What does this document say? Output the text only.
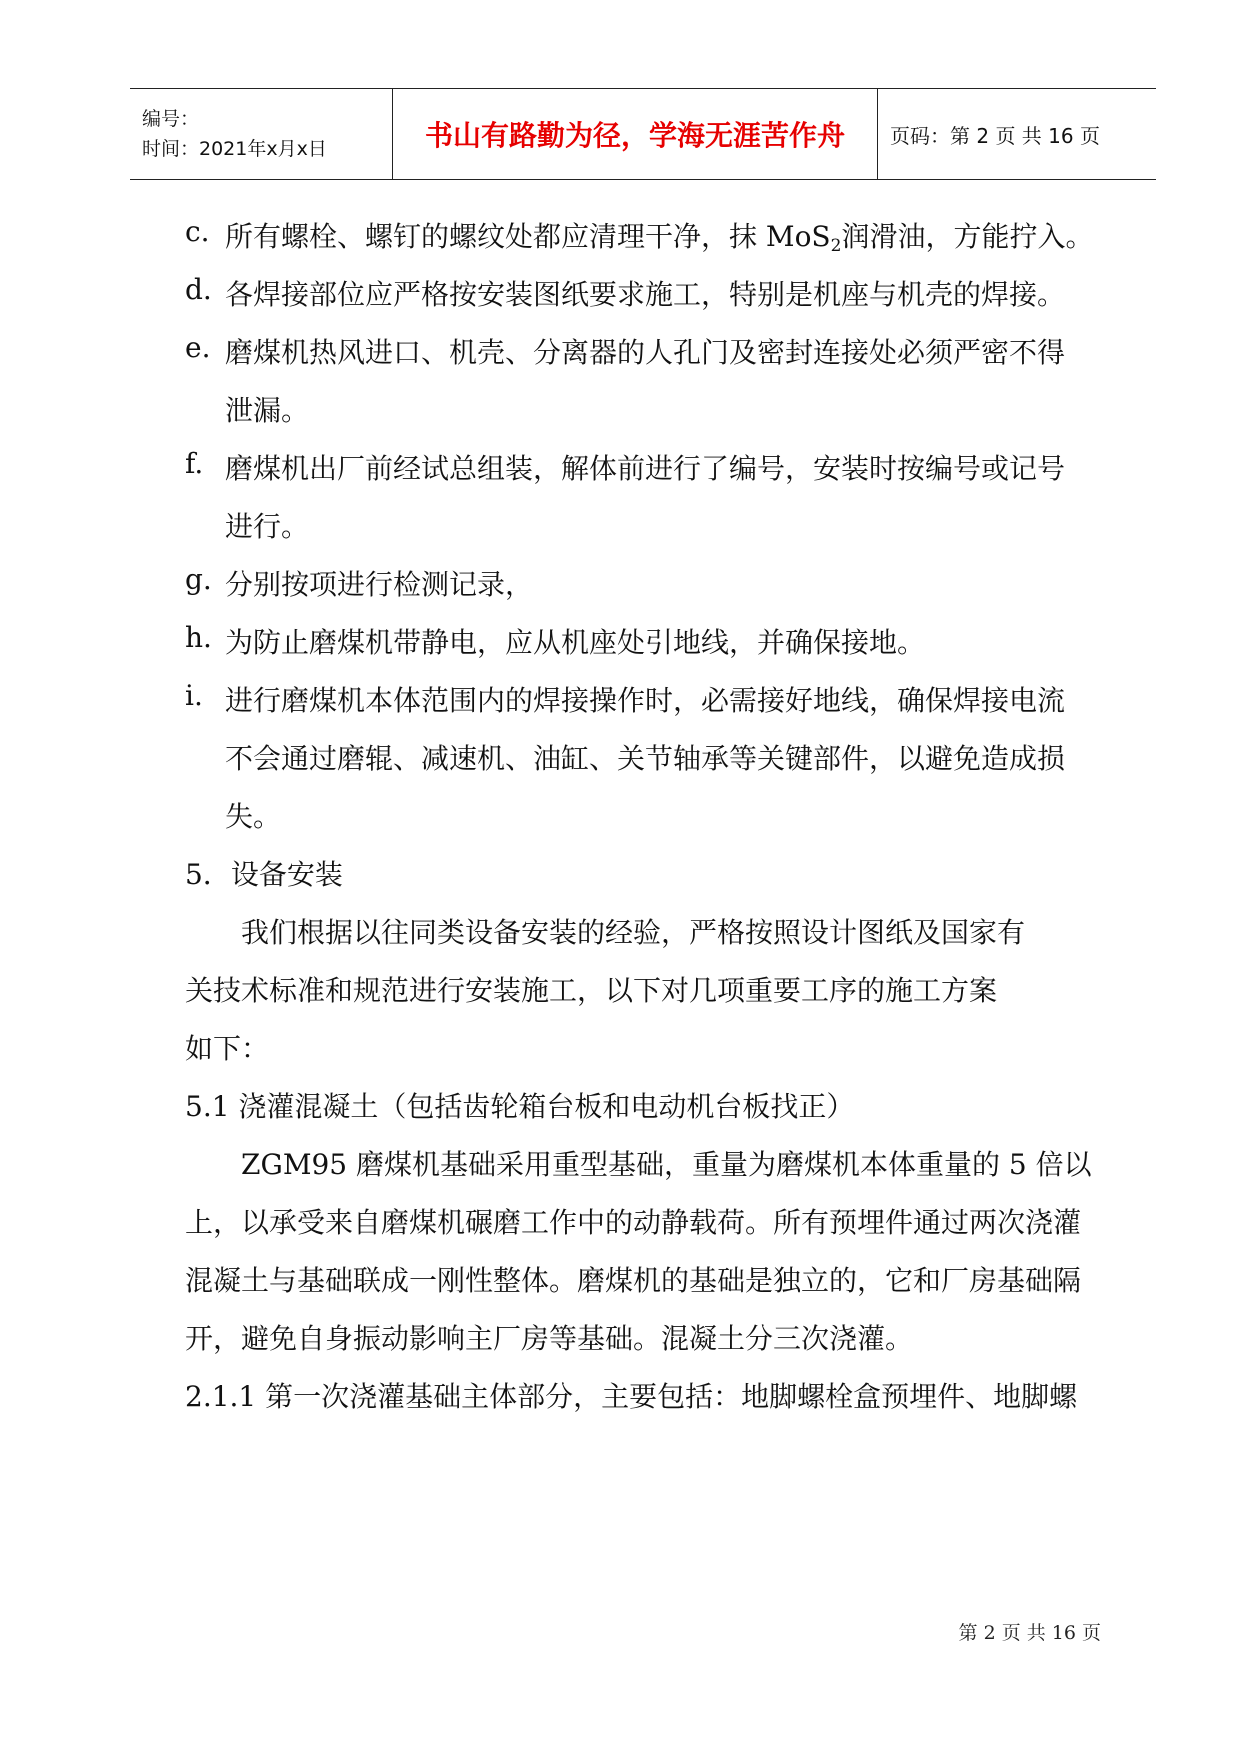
编号：
时间：2021年x月x日	书山有路勤为径，学海无涯苦作舟	页码：第 2 页 共 16 页
c. 所有螺栓、螺钉的螺纹处都应清理干净，抹 MoS$_2$润滑油，方能拧入。
d. 各焊接部位应严格按安装图纸要求施工，特别是机座与机壳的焊接。
e. 磨煤机热风进口、机壳、分离器的人孔门及密封连接处必须严密不得
泄漏。
f. 磨煤机出厂前经试总组装，解体前进行了编号，安装时按编号或记号
进行。
g. 分别按项进行检测记录，
h. 为防止磨煤机带静电，应从机座处引地线，并确保接地。
i. 进行磨煤机本体范围内的焊接操作时，必需接好地线，确保焊接电流
不会通过磨辊、减速机、油缸、关节轴承等关键部件，以避免造成损
失。
5．设备安装
我们根据以往同类设备安装的经验，严格按照设计图纸及国家有
关技术标准和规范进行安装施工，以下对几项重要工序的施工方案
如下：
5.1 浇灌混凝土（包括齿轮箱台板和电动机台板找正）
ZGM95 磨煤机基础采用重型基础，重量为磨煤机本体重量的 5 倍以
上，以承受来自磨煤机碾磨工作中的动静载荷。所有预埋件通过两次浇灌
混凝土与基础联成一刚性整体。磨煤机的基础是独立的，它和厂房基础隔
开，避免自身振动影响主厂房等基础。混凝土分三次浇灌。
2.1.1 第一次浇灌基础主体部分，主要包括：地脚螺栓盒预埋件、地脚螺
第 2 页 共 16 页
